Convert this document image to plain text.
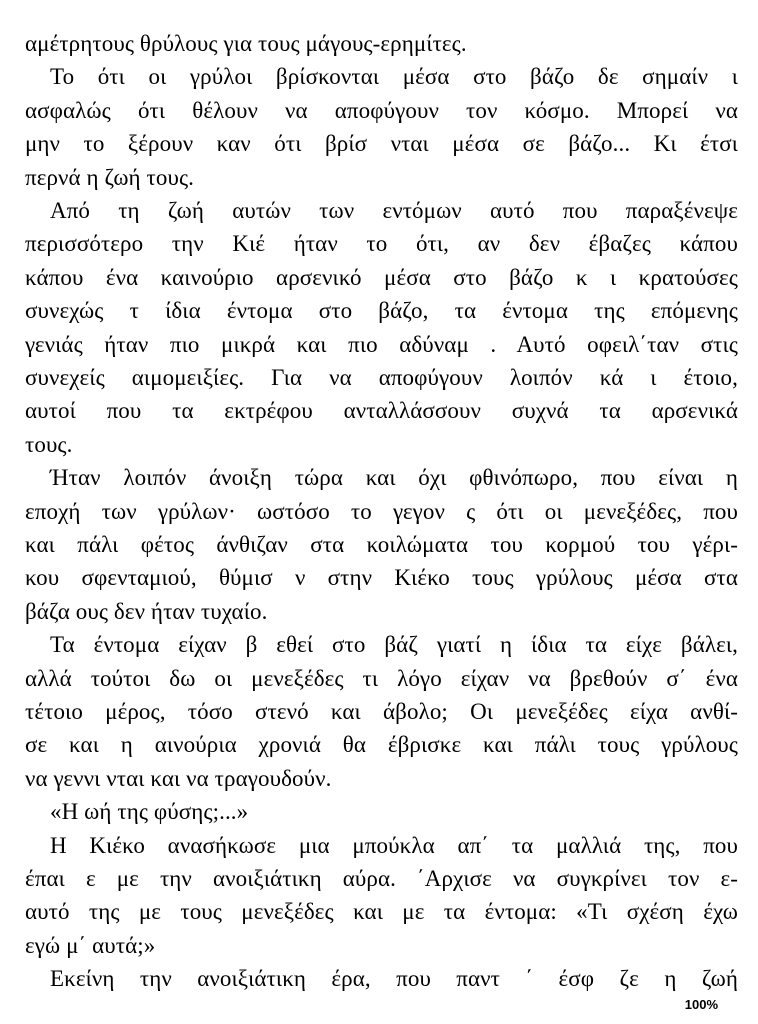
αμέτρητους θρύλους για τους μάγους-ερημίτες.
Το ότι οι γρύλοι βρίσκονται μέσα στο βάζο δε σημαίν ι
ασφαλώς ότι θέλουν να αποφύγουν τον κόσμο. Μπορεί να
μην το ξέρουν καν ότι βρίσ νται μέσα σε βάζο... Κι έτσι
περνά η ζωή τους.
Από τη ζωή αυτών των εντόμων αυτό που παραξένεψε
περισσότερο την Κιέ ήταν το ότι, αν δεν έβαζες κάπου
κάπου ένα καινούριο αρσενικό μέσα στο βάζο κ ι κρατούσες
συνεχώς τ ίδια έντομα στο βάζο, τα έντομα της επόμενης
γενιάς ήταν πιο μικρά και πιο αδύναμ . Αυτό οφειλ΄ταν στις
συνεχείς αιμομειξίες. Για να αποφύγουν λοιπόν κά ι έτοιο,
αυτοί που τα εκτρέφου ανταλλάσσουν συχνά τα αρσενικά
τους.
Ήταν λοιπόν άνοιξη τώρα και όχι φθινόπωρο, που είναι η
εποχή των γρύλων· ωστόσο το γεγον ς ότι οι μενεξέδες, που
και πάλι φέτος άνθιζαν στα κοιλώματα του κορμού του γέρι-
κου σφενταμιού, θύμισ ν στην Κιέκο τους γρύλους μέσα στα
βάζα ους δεν ήταν τυχαίο.
Τα έντομα είχαν β εθεί στο βάζ γιατί η ίδια τα είχε βάλει,
αλλά τούτοι δω οι μενεξέδες τι λόγο είχαν να βρεθούν σ΄ ένα
τέτοιο μέρος, τόσο στενό και άβολο; Οι μενεξέδες είχα ανθί-
σε και η αινούρια χρονιά θα έβρισκε και πάλι τους γρύλους
να γεννι νται και να τραγουδούν.
«Η ωή της φύσης;...»
Η Κιέκο ανασήκωσε μια μπούκλα απ΄ τα μαλλιά της, που
έπαι ε με την ανοιξιάτικη αύρα. ΄Αρχισε να συγκρίνει τον ε-
αυτό της με τους μενεξέδες και με τα έντομα: «Τι σχέση έχω
εγώ μ΄ αυτά;»
Εκείνη την ανοιξιάτικη έρα, που παντ ΄ έσφ ζε η ζωή
100%
